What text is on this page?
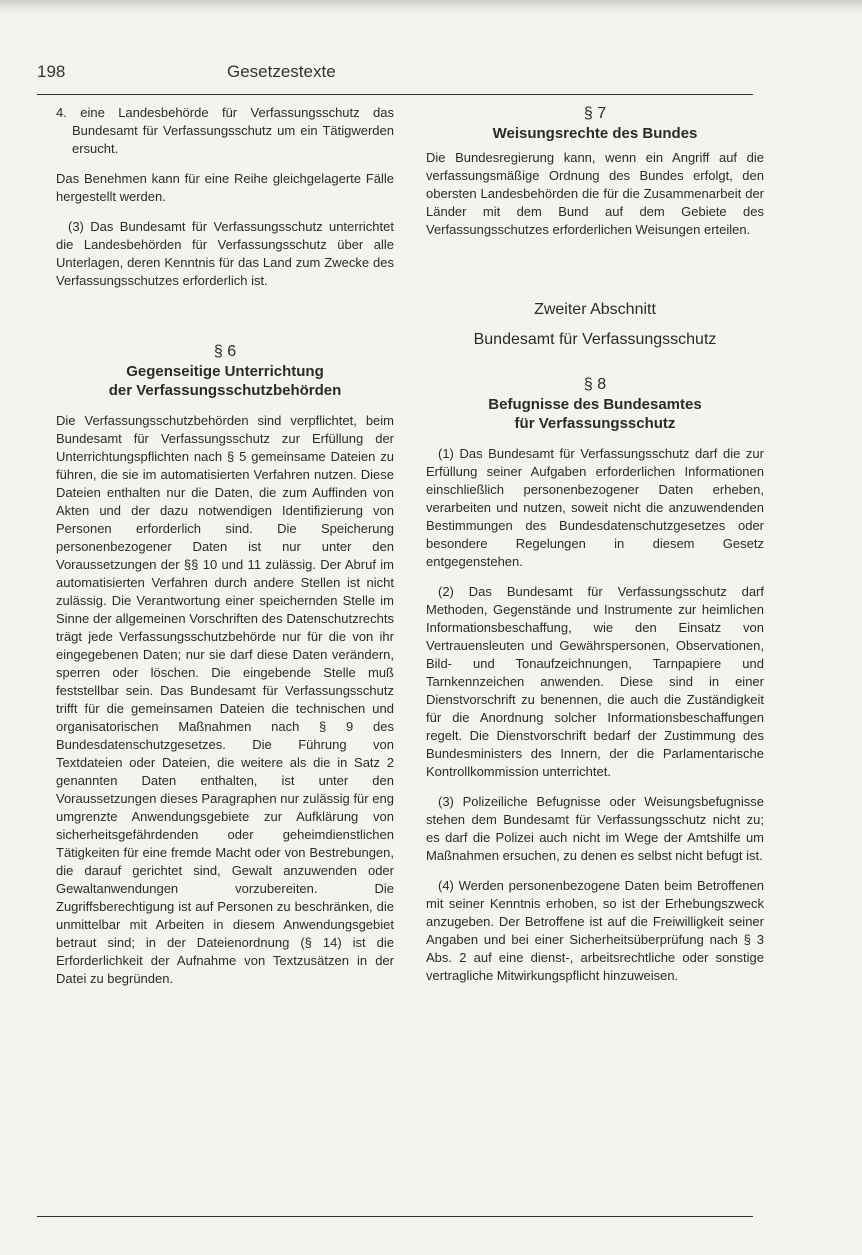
198	Gesetzestexte

4. eine Landesbehörde für Verfassungsschutz das Bundesamt für Verfassungsschutz um ein Tätigwerden ersucht.

Das Benehmen kann für eine Reihe gleichgelagerte Fälle hergestellt werden.

(3) Das Bundesamt für Verfassungsschutz unterrichtet die Landesbehörden für Verfassungsschutz über alle Unterlagen, deren Kenntnis für das Land zum Zwecke des Verfassungsschutzes erforderlich ist.

§ 6

Gegenseitige Unterrichtung

der Verfassungsschutzbehörden

Die Verfassungsschutzbehörden sind verpflichtet, beim Bundesamt für Verfassungsschutz zur Erfüllung der Unterrichtungspflichten nach § 5 gemeinsame Dateien zu führen, die sie im automatisierten Verfahren nutzen. Diese Dateien enthalten nur die Daten, die zum Auffinden von Akten und der dazu notwendigen Identifizierung von Personen erforderlich sind. Die Speicherung personenbezogener Daten ist nur unter den Voraussetzungen der §§ 10 und 11 zulässig. Der Abruf im automatisierten Verfahren durch andere Stellen ist nicht zulässig. Die Verantwortung einer speichernden Stelle im Sinne der allgemeinen Vorschriften des Datenschutzrechts trägt jede Verfassungsschutzbehörde nur für die von ihr eingegebenen Daten; nur sie darf diese Daten verändern, sperren oder löschen. Die eingebende Stelle muß feststellbar sein. Das Bundesamt für Verfassungsschutz trifft für die gemeinsamen Dateien die technischen und organisatorischen Maßnahmen nach § 9 des Bundesdatenschutzgesetzes. Die Führung von Textdateien oder Dateien, die weitere als die in Satz 2 genannten Daten enthalten, ist unter den Voraussetzungen dieses Paragraphen nur zulässig für eng umgrenzte Anwendungsgebiete zur Aufklärung von sicherheitsgefährdenden oder geheimdienstlichen Tätigkeiten für eine fremde Macht oder von Bestrebungen, die darauf gerichtet sind, Gewalt anzuwenden oder Gewaltanwendungen vorzubereiten. Die Zugriffsberechtigung ist auf Personen zu beschränken, die unmittelbar mit Arbeiten in diesem Anwendungsgebiet betraut sind; in der Dateienordnung (§ 14) ist die Erforderlichkeit der Aufnahme von Textzusätzen in der Datei zu begründen.

§ 7

Weisungsrechte des Bundes

Die Bundesregierung kann, wenn ein Angriff auf die verfassungsmäßige Ordnung des Bundes erfolgt, den obersten Landesbehörden die für die Zusammenarbeit der Länder mit dem Bund auf dem Gebiete des Verfassungsschutzes erforderlichen Weisungen erteilen.

Zweiter Abschnitt

Bundesamt für Verfassungsschutz

§ 8

Befugnisse des Bundesamtes

für Verfassungsschutz

(1) Das Bundesamt für Verfassungsschutz darf die zur Erfüllung seiner Aufgaben erforderlichen Informationen einschließlich personenbezogener Daten erheben, verarbeiten und nutzen, soweit nicht die anzuwendenden Bestimmungen des Bundesdatenschutzgesetzes oder besondere Regelungen in diesem Gesetz entgegenstehen.

(2) Das Bundesamt für Verfassungsschutz darf Methoden, Gegenstände und Instrumente zur heimlichen Informationsbeschaffung, wie den Einsatz von Vertrauensleuten und Gewährspersonen, Observationen, Bild- und Tonaufzeichnungen, Tarnpapiere und Tarnkennzeichen anwenden. Diese sind in einer Dienstvorschrift zu benennen, die auch die Zuständigkeit für die Anordnung solcher Informationsbeschaffungen regelt. Die Dienstvorschrift bedarf der Zustimmung des Bundesministers des Innern, der die Parlamentarische Kontrollkommission unterrichtet.

(3) Polizeiliche Befugnisse oder Weisungsbefugnisse stehen dem Bundesamt für Verfassungsschutz nicht zu; es darf die Polizei auch nicht im Wege der Amtshilfe um Maßnahmen ersuchen, zu denen es selbst nicht befugt ist.

(4) Werden personenbezogene Daten beim Betroffenen mit seiner Kenntnis erhoben, so ist der Erhebungszweck anzugeben. Der Betroffene ist auf die Freiwilligkeit seiner Angaben und bei einer Sicherheitsüberprüfung nach § 3 Abs. 2 auf eine dienst-, arbeitsrechtliche oder sonstige vertragliche Mitwirkungspflicht hinzuweisen.
